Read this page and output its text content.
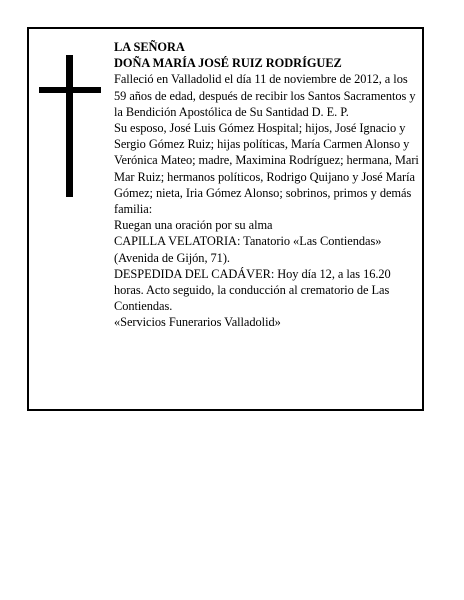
LA SEÑORA

DOÑA MARÍA JOSÉ RUIZ RODRÍGUEZ

Falleció en Valladolid el día 11 de noviembre de 2012, a los 59 años de edad, después de recibir los Santos Sacramentos y la Bendición Apostólica de Su Santidad D. E. P.

Su esposo, José Luis Gómez Hospital; hijos, José Ignacio y Sergio Gómez Ruiz; hijas políticas, María Carmen Alonso y Verónica Mateo; madre, Maximina Rodríguez; hermana, Mari Mar Ruiz; hermanos políticos, Rodrigo Quijano y José María Gómez; nieta, Iria Gómez Alonso; sobrinos, primos y demás familia:

Ruegan una oración por su alma

CAPILLA VELATORIA: Tanatorio «Las Contiendas» (Avenida de Gijón, 71).

DESPEDIDA DEL CADÁVER: Hoy día 12, a las 16.20 horas. Acto seguido, la conducción al crematorio de Las Contiendas.

«Servicios Funerarios Valladolid»
